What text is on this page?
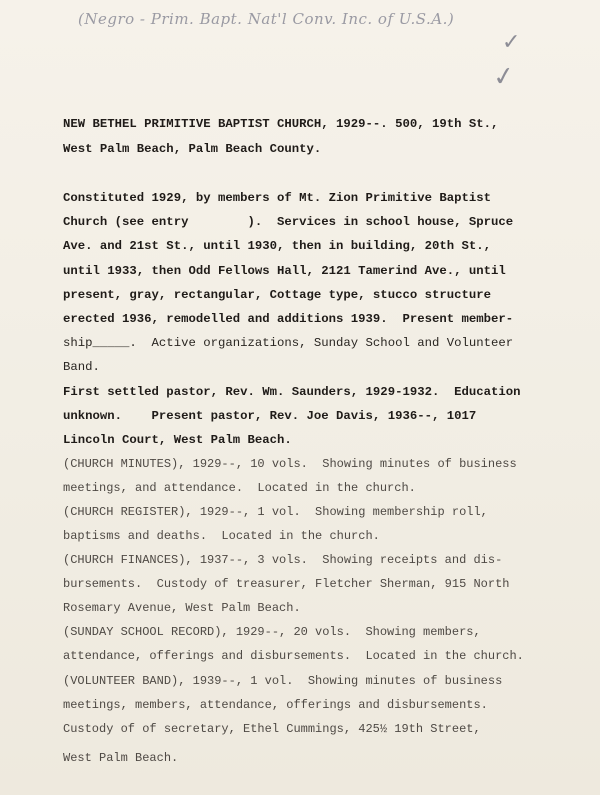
(Negro - Prim. Bapt. Nat'l Conv. Inc. of U.S.A.)
✓
✓
NEW BETHEL PRIMITIVE BAPTIST CHURCH, 1929--. 500, 19th St.,
West Palm Beach, Palm Beach County.
Constituted 1929, by members of Mt. Zion Primitive Baptist
Church (see entry        ).  Services in school house, Spruce
Ave. and 21st St., until 1930, then in building, 20th St.,
until 1933, then Odd Fellows Hall, 2121 Tamerind Ave., until
present, gray, rectangular, Cottage type, stucco structure
erected 1936, remodelled and additions 1939.  Present member-
ship_____.  Active organizations, Sunday School and Volunteer
Band.
First settled pastor, Rev. Wm. Saunders, 1929-1932.  Education
unknown.    Present pastor, Rev. Joe Davis, 1936--, 1017
Lincoln Court, West Palm Beach.
(CHURCH MINUTES), 1929--, 10 vols.  Showing minutes of business
meetings, and attendance.  Located in the church.
(CHURCH REGISTER), 1929--, 1 vol.  Showing membership roll,
baptisms and deaths.  Located in the church.
(CHURCH FINANCES), 1937--, 3 vols.  Showing receipts and dis-
bursements.  Custody of treasurer, Fletcher Sherman, 915 North
Rosemary Avenue, West Palm Beach.
(SUNDAY SCHOOL RECORD), 1929--, 20 vols.  Showing members,
attendance, offerings and disbursements.  Located in the church.
(VOLUNTEER BAND), 1939--, 1 vol.  Showing minutes of business
meetings, members, attendance, offerings and disbursements.
Custody of of secretary, Ethel Cummings, 425½ 19th Street,
West Palm Beach.
